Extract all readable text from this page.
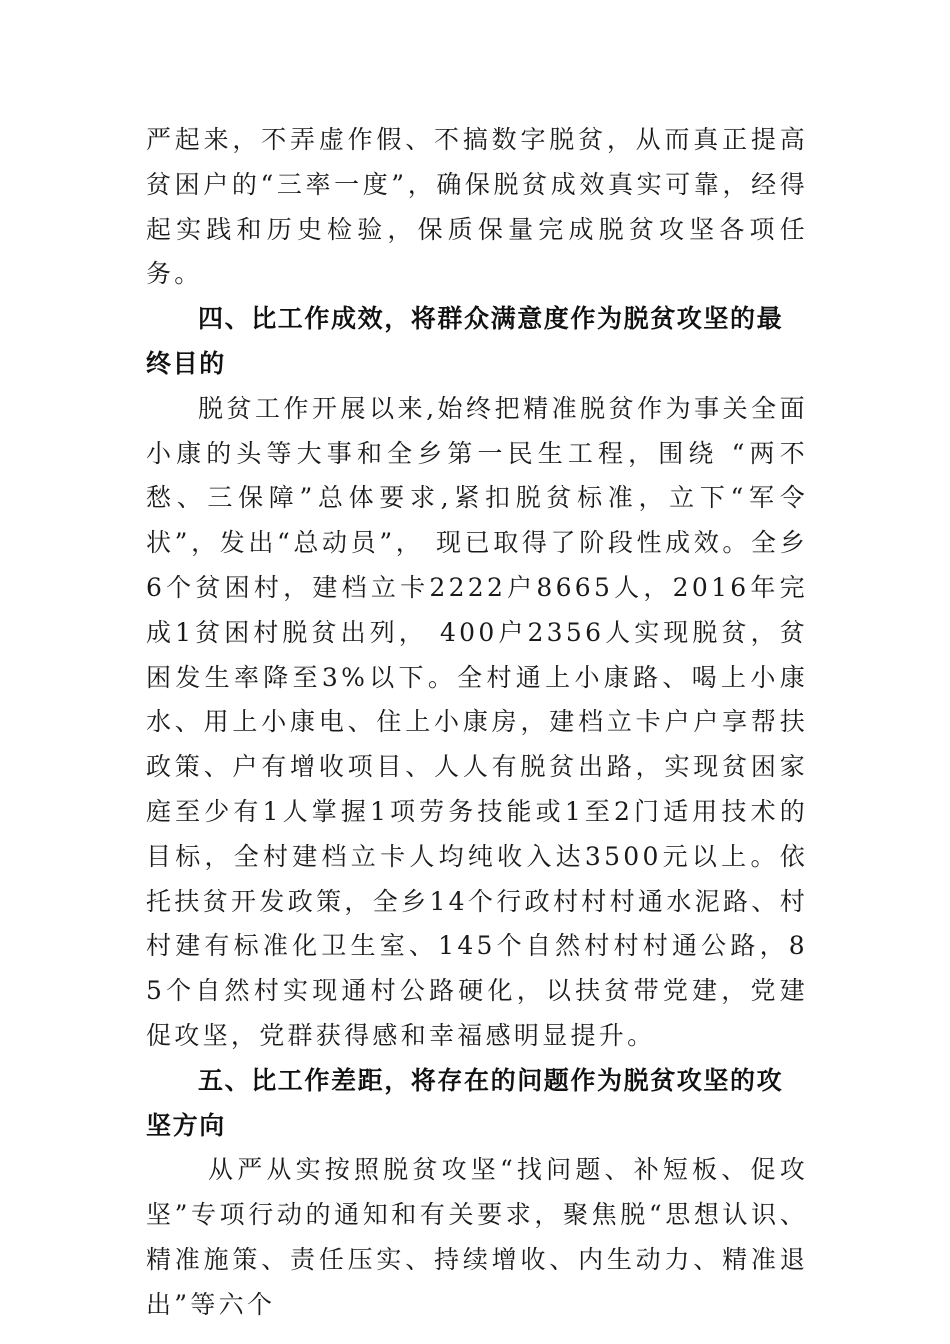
严起来，不弄虚作假、不搞数字脱贫，从而真正提高贫困户的“三率一度”，确保脱贫成效真实可靠，经得起实践和历史检验，保质保量完成脱贫攻坚各项任务。

四、比工作成效，将群众满意度作为脱贫攻坚的最终目的

脱贫工作开展以来,始终把精准脱贫作为事关全面小康的头等大事和全乡第一民生工程，围绕 “两不愁、三保障”总体要求,紧扣脱贫标准，立下“军令状”，发出“总动员”， 现已取得了阶段性成效。全乡6个贫困村，建档立卡2222户8665人，2016年完成1贫困村脱贫出列， 400户2356人实现脱贫，贫困发生率降至3%以下。全村通上小康路、喝上小康水、用上小康电、住上小康房，建档立卡户户享帮扶政策、户有增收项目、人人有脱贫出路，实现贫困家庭至少有1人掌握1项劳务技能或1至2门适用技术的目标，全村建档立卡人均纯收入达3500元以上。依托扶贫开发政策，全乡14个行政村村村通水泥路、村村建有标准化卫生室、145个自然村村村通公路，85个自然村实现通村公路硬化，以扶贫带党建，党建促攻坚，党群获得感和幸福感明显提升。

五、比工作差距，将存在的问题作为脱贫攻坚的攻坚方向

从严从实按照脱贫攻坚“找问题、补短板、促攻坚”专项行动的通知和有关要求，聚焦脱“思想认识、精准施策、责任压实、持续增收、内生动力、精准退出”等六个
